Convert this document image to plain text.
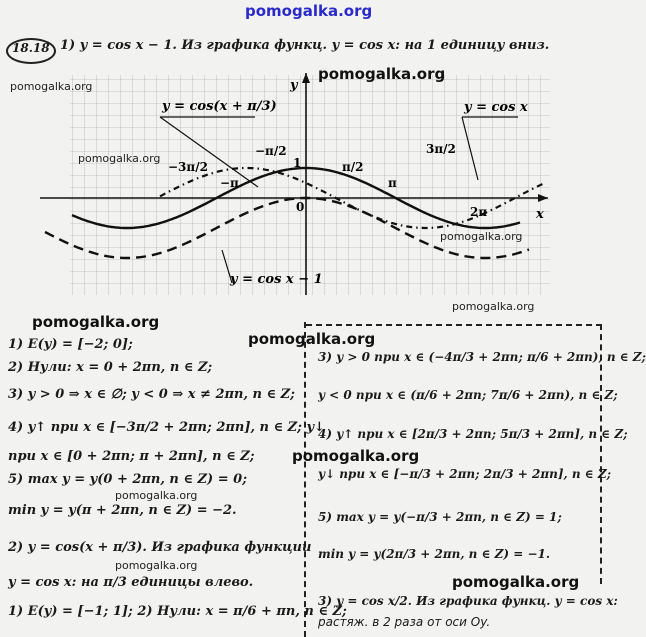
pomogalka.org
18.18 1) y = cos x − 1. Из графика функц. y = cos x: на 1 единицу вниз.
y = cos(x + π/3)	y = cos x
y = cos x − 1
x
y
−3π/2
−π
−π/2
π/2
π
3π/2
2π
1
0
pomogalka.org
pomogalka.org
pomogalka.org
pomogalka.org
pomogalka.org
pomogalka.org
1) E(y) = [−2; 0];
2) Нули: x = 0 + 2πn, n ∈ Z;
3) y > 0 ⇒ x ∈ ∅; y < 0 ⇒ x ≠ 2πn, n ∈ Z;
4) y↑ при x ∈ [−3π/2 + 2πn; 2πn], n ∈ Z; y↓
при x ∈ [0 + 2πn; π + 2πn], n ∈ Z;
5) max y = y(0 + 2πn, n ∈ Z) = 0;
pomogalka.org
min y = y(π + 2πn, n ∈ Z) = −2.
2) y = cos(x + π/3). Из графика функции
pomogalka.org
y = cos x: на π/3 единицы влево.
1) E(y) = [−1; 1]; 2) Нули: x = π/6 + πn, n ∈ Z;
pomogalka.org
3) y > 0 при x ∈ (−4π/3 + 2πn; π/6 + 2πn), n ∈ Z;
y < 0 при x ∈ (π/6 + 2πn; 7π/6 + 2πn), n ∈ Z;
4) y↑ при x ∈ [2π/3 + 2πn; 5π/3 + 2πn], n ∈ Z;
pomogalka.org
y↓ при x ∈ [−π/3 + 2πn; 2π/3 + 2πn], n ∈ Z;
5) max y = y(−π/3 + 2πn, n ∈ Z) = 1;
min y = y(2π/3 + 2πn, n ∈ Z) = −1.
pomogalka.org
3) y = cos x/2. Из графика функц. y = cos x:
растяж. в 2 раза от оси Oy.
